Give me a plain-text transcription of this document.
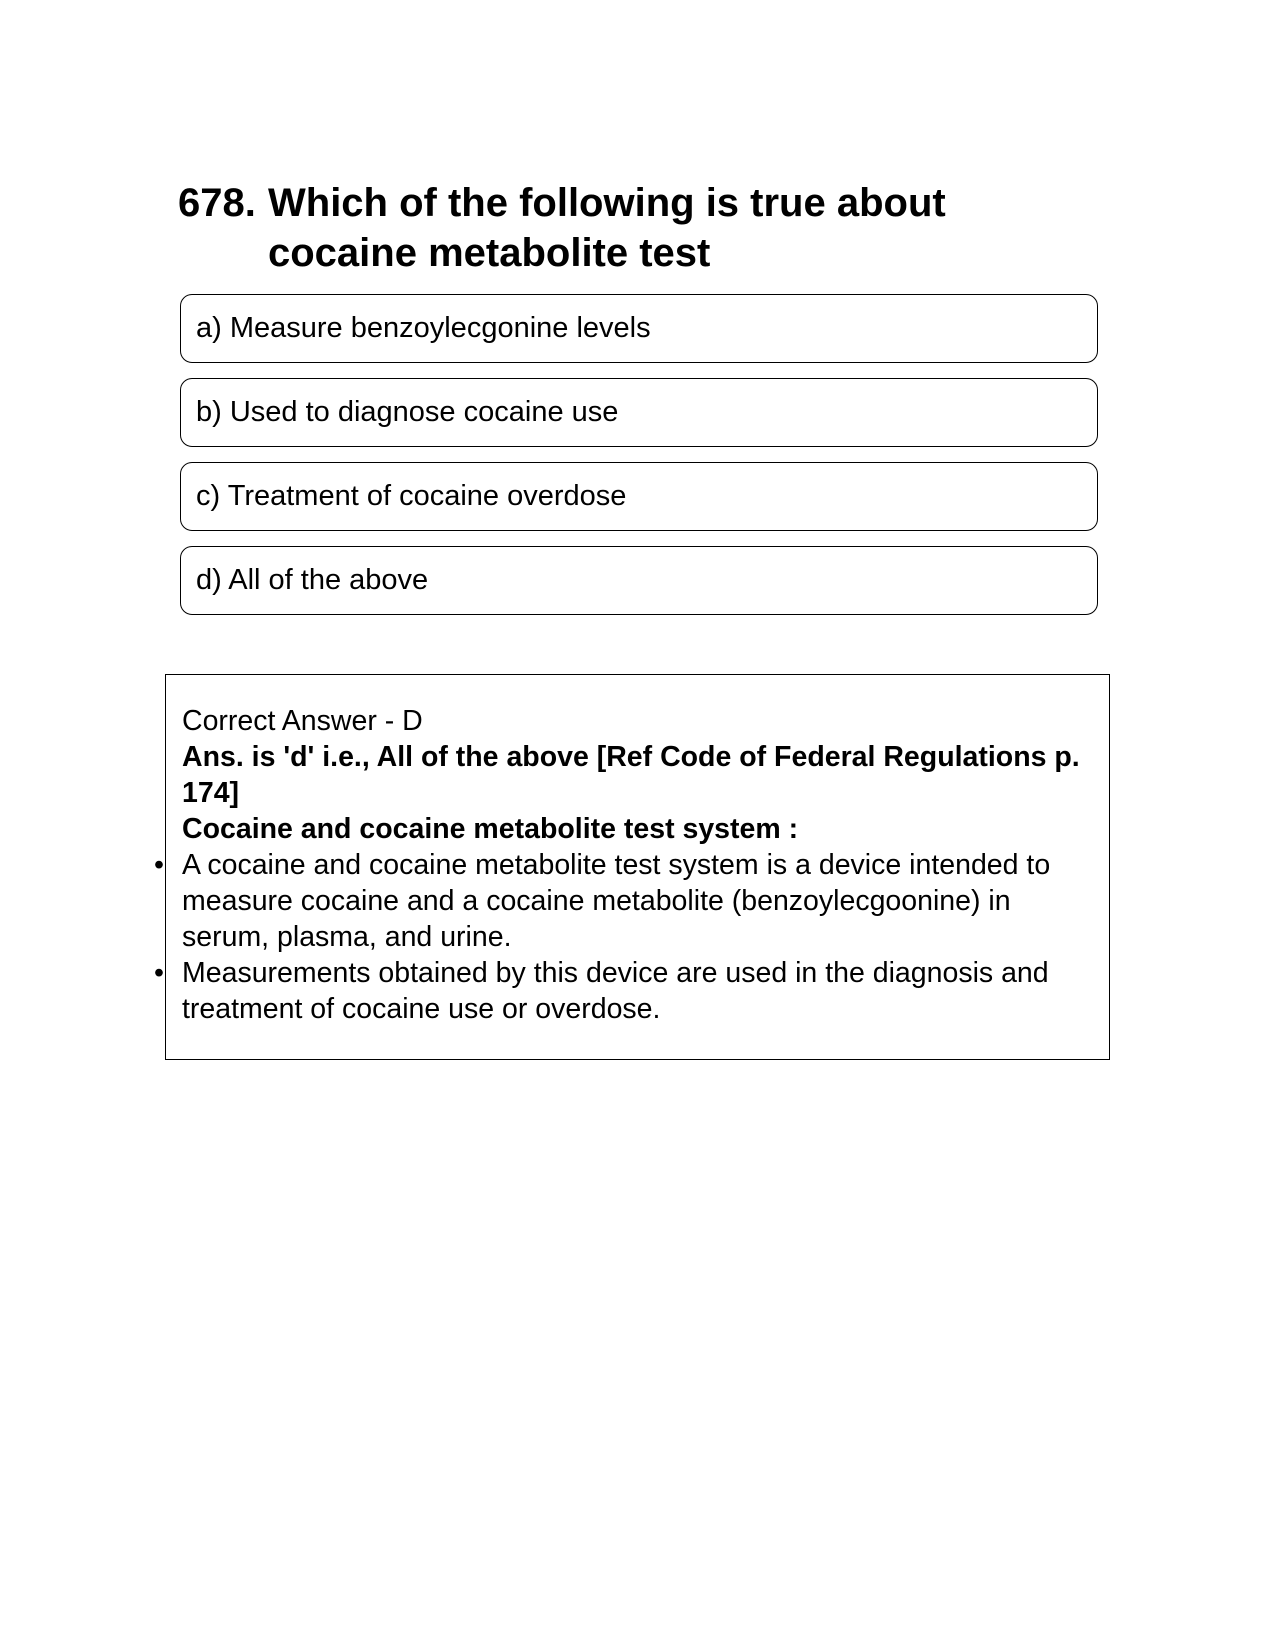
678. Which of the following is true about cocaine metabolite test
a) Measure benzoylecgonine levels
b) Used to diagnose cocaine use
c) Treatment of cocaine overdose
d) All of the above
Correct Answer - D
Ans. is 'd' i.e., All of the above [Ref Code of Federal Regulations p. 174]
Cocaine and cocaine metabolite test system :
• A cocaine and cocaine metabolite test system is a device intended to measure cocaine and a cocaine metabolite (benzoylecgoonine) in serum, plasma, and urine.
• Measurements obtained by this device are used in the diagnosis and treatment of cocaine use or overdose.
